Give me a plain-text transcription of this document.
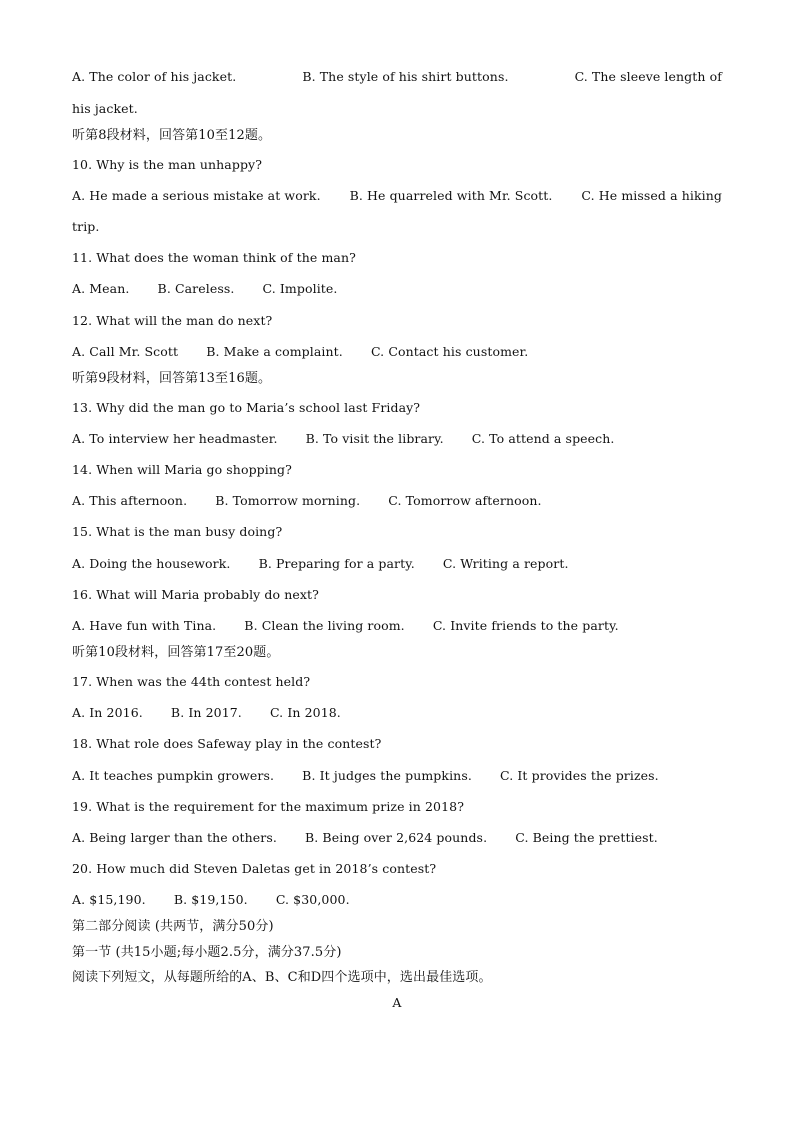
A. The color of his jacket.	B. The style of his shirt buttons.	C. The sleeve length of
his jacket.
听第8段材料，回答第10至12题。
10. Why is the man unhappy?
A. He made a serious mistake at work. B. He quarreled with Mr. Scott. C. He missed a hiking
trip.
11. What does the woman think of the man?
A. Mean. B. Careless. C. Impolite.
12. What will the man do next?
A. Call Mr. Scott B. Make a complaint. C. Contact his customer.
听第9段材料，回答第13至16题。
13. Why did the man go to Maria’s school last Friday?
A. To interview her headmaster. B. To visit the library. C. To attend a speech.
14. When will Maria go shopping?
A. This afternoon. B. Tomorrow morning. C. Tomorrow afternoon.
15. What is the man busy doing?
A. Doing the housework. B. Preparing for a party. C. Writing a report.
16. What will Maria probably do next?
A. Have fun with Tina. B. Clean the living room. C. Invite friends to the party.
听第10段材料，回答第17至20题。
17. When was the 44th contest held?
A. In 2016. B. In 2017. C. In 2018.
18. What role does Safeway play in the contest?
A. It teaches pumpkin growers. B. It judges the pumpkins. C. It provides the prizes.
19. What is the requirement for the maximum prize in 2018?
A. Being larger than the others. B. Being over 2,624 pounds. C. Being the prettiest.
20. How much did Steven Daletas get in 2018’s contest?
A. $15,190. B. $19,150. C. $30,000.
第二部分阅读 (共两节，满分50分)
第一节 (共15小题;每小题2.5分，满分37.5分)
阅读下列短文，从每题所给的A、B、C和D四个选项中，选出最佳选项。
A
